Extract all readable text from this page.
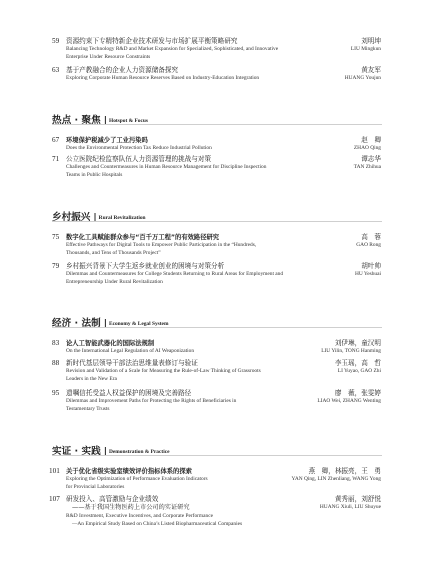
59 资源约束下专精特新企业技术研发与市场扩展平衡策略研究	刘明坤
Balancing Technology R&D and Market Expansion for Specialized, Sophisticated, and Innovative	LIU Mingkun
Enterprise Under Resource Constraints
63 基于产教融合的企业人力资源储备探究	黄友军
Exploring Corporate Human Resource Reserves Based on Industry-Education Integration	HUANG Youjun
热点 · 聚焦 | Hotspot & Focus
67 环境保护税减少了工业污染吗	赵　卿
Does the Environmental Protection Tax Reduce Industrial Pollution	ZHAO Qing
71 公立医院纪检监察队伍人力资源管理的挑战与对策	谭志华
Challenges and Countermeasures in Human Resource Management for Discipline Inspection	TAN Zhihua
Teams in Public Hospitals
乡村振兴 | Rural Revitalization
75 数字化工具赋能群众参与“百千万工程”的有效路径研究	高　蓉
Effective Pathways for Digital Tools to Empower Public Participation in the “Hundreds,	GAO Rong
Thousands, and Tens of Thousands Project”
79 乡村振兴背景下大学生返乡就业创业的困境与对策分析	胡叶帅
Dilemmas and Countermeasures for College Students Returning to Rural Areas for Employment and	HU Yeshuai
Entrepreneurship Under Rural Revitalization
经济 · 法制 | Economy & Legal System
83 论人工智能武器化的国际法规制	刘伊琳，童汉明
On the International Legal Regulation of AI Weaponization	LIU Yilin, TONG Hanming
88 新时代基层领导干部法治思维量表修订与验证	李玉瑶，高　哲
Revision and Validation of a Scale for Measuring the Rule-of-Law Thinking of Grassroots	LI Yuyao, GAO Zhi
Leaders in the New Era
95 遗嘱信托受益人权益保护的困境及完善路径	廖　薇，张雯婷
Dilemmas and Improvement Paths for Protecting the Rights of Beneficiaries in	LIAO Wei, ZHANG Wenting
Testamentary Trusts
实证 · 实践 | Demonstration & Practice
101 关于优化省级实验室绩效评价指标体系的探索	燕　卿，林振亮，王　勇
Exploring the Optimization of Performance Evaluation Indicators	YAN Qing, LIN Zhenliang, WANG Yong
for Provincial Laboratories
107 研发投入、高管激励与企业绩效	黄秀丽，刘舒悦
——基于我国生物医药上市公司的实证研究	HUANG Xiuli, LIU Shuyue
R&D Investment, Executive Incentives, and Corporate Performance
—An Empirical Study Based on China’s Listed Biopharmaceutical Companies
